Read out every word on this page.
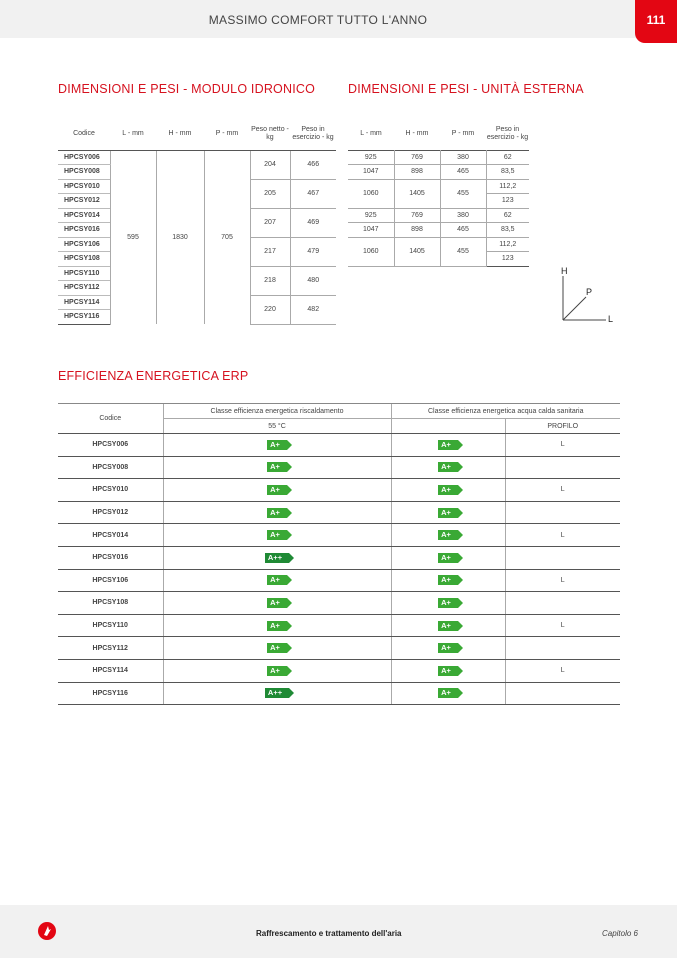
MASSIMO COMFORT TUTTO L'ANNO	111
DIMENSIONI E PESI - MODULO IDRONICO
Codice	L - mm	H - mm	P - mm	Peso netto - kg	Peso in esercizio - kg
HPCSY006	595	1830	705	204	466
HPCSY008					
HPCSY010				205	467
HPCSY012					
HPCSY014				207	469
HPCSY016					
HPCSY106				217	479
HPCSY108					
HPCSY110				218	480
HPCSY112					
HPCSY114				220	482
HPCSY116					
DIMENSIONI E PESI - UNITÀ ESTERNA
L - mm	H - mm	P - mm	Peso in esercizio - kg
925	769	380	62

1047	898	465	83,5

1060	1405	455	112,2
			123
925	769	380	62

1047	898	465	83,5

1060	1405	455	112,2
			123
H
P
L
EFFICIENZA ENERGETICA ERP
Codice	Classe efficienza energetica riscaldamento	Classe efficienza energetica acqua calda sanitaria	
	55 °C		PROFILO
HPCSY006	A+	A+	L
HPCSY008	A+	A+	
HPCSY010	A+	A+	L
HPCSY012	A+	A+	
HPCSY014	A+	A+	L
HPCSY016	A++	A+	
HPCSY106	A+	A+	L
HPCSY108	A+	A+	
HPCSY110	A+	A+	L
HPCSY112	A+	A+	
HPCSY114	A+	A+	L
HPCSY116	A++	A+	
Raffrescamento e trattamento dell'aria	Capitolo 6
